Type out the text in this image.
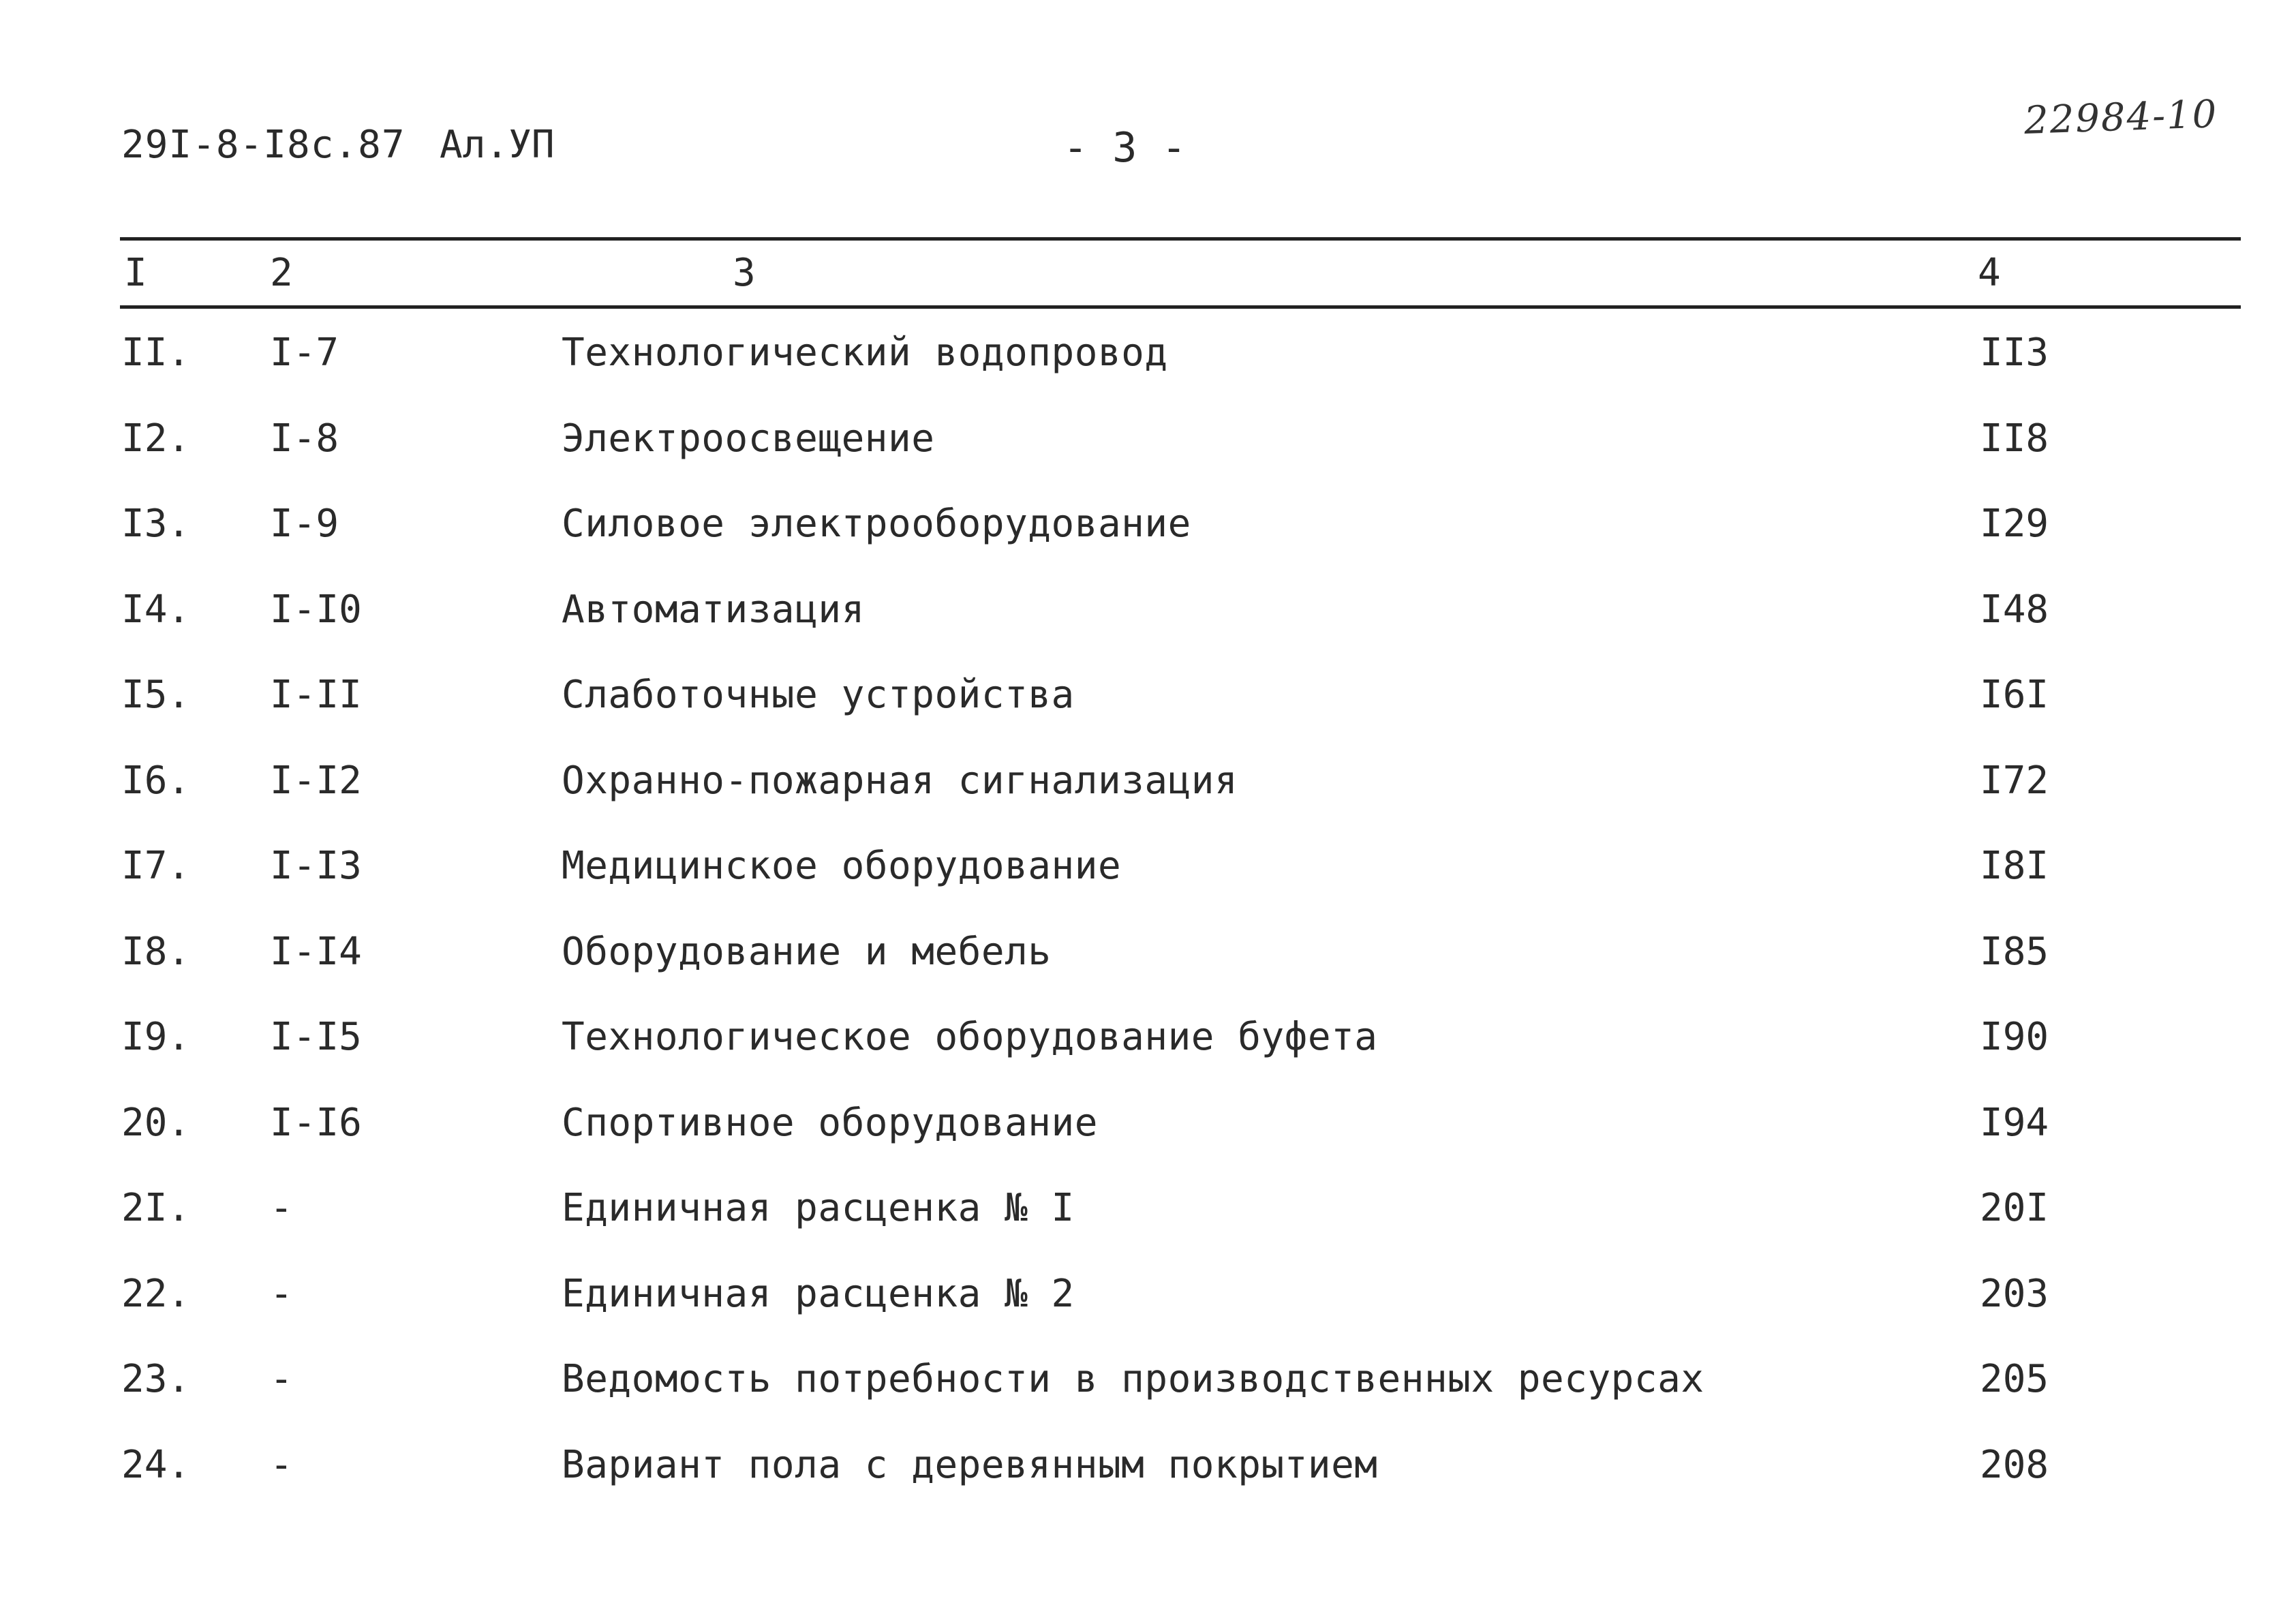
29I-8-I8с.87 Ал.УП	- 3 -
22984-10
I	2	3	4
II. I-7	Технологический водопровод	II3
I2. I-8	Электроосвещение	II8
I3. I-9	Силовое электрооборудование	I29
I4. I-I0	Автоматизация	I48
I5. I-II	Слаботочные устройства	I6I
I6. I-I2	Охранно-пожарная сигнализация	I72
I7. I-I3	Медицинское оборудование	I8I
I8. I-I4	Оборудование и мебель	I85
I9. I-I5	Технологическое оборудование буфета	I90
20. I-I6	Спортивное оборудование	I94
2I. -	Единичная расценка № I	20I
22. -	Единичная расценка № 2	203
23. -	Ведомость потребности в производственных ресурсах	205
24. -	Вариант пола с деревянным покрытием	208
